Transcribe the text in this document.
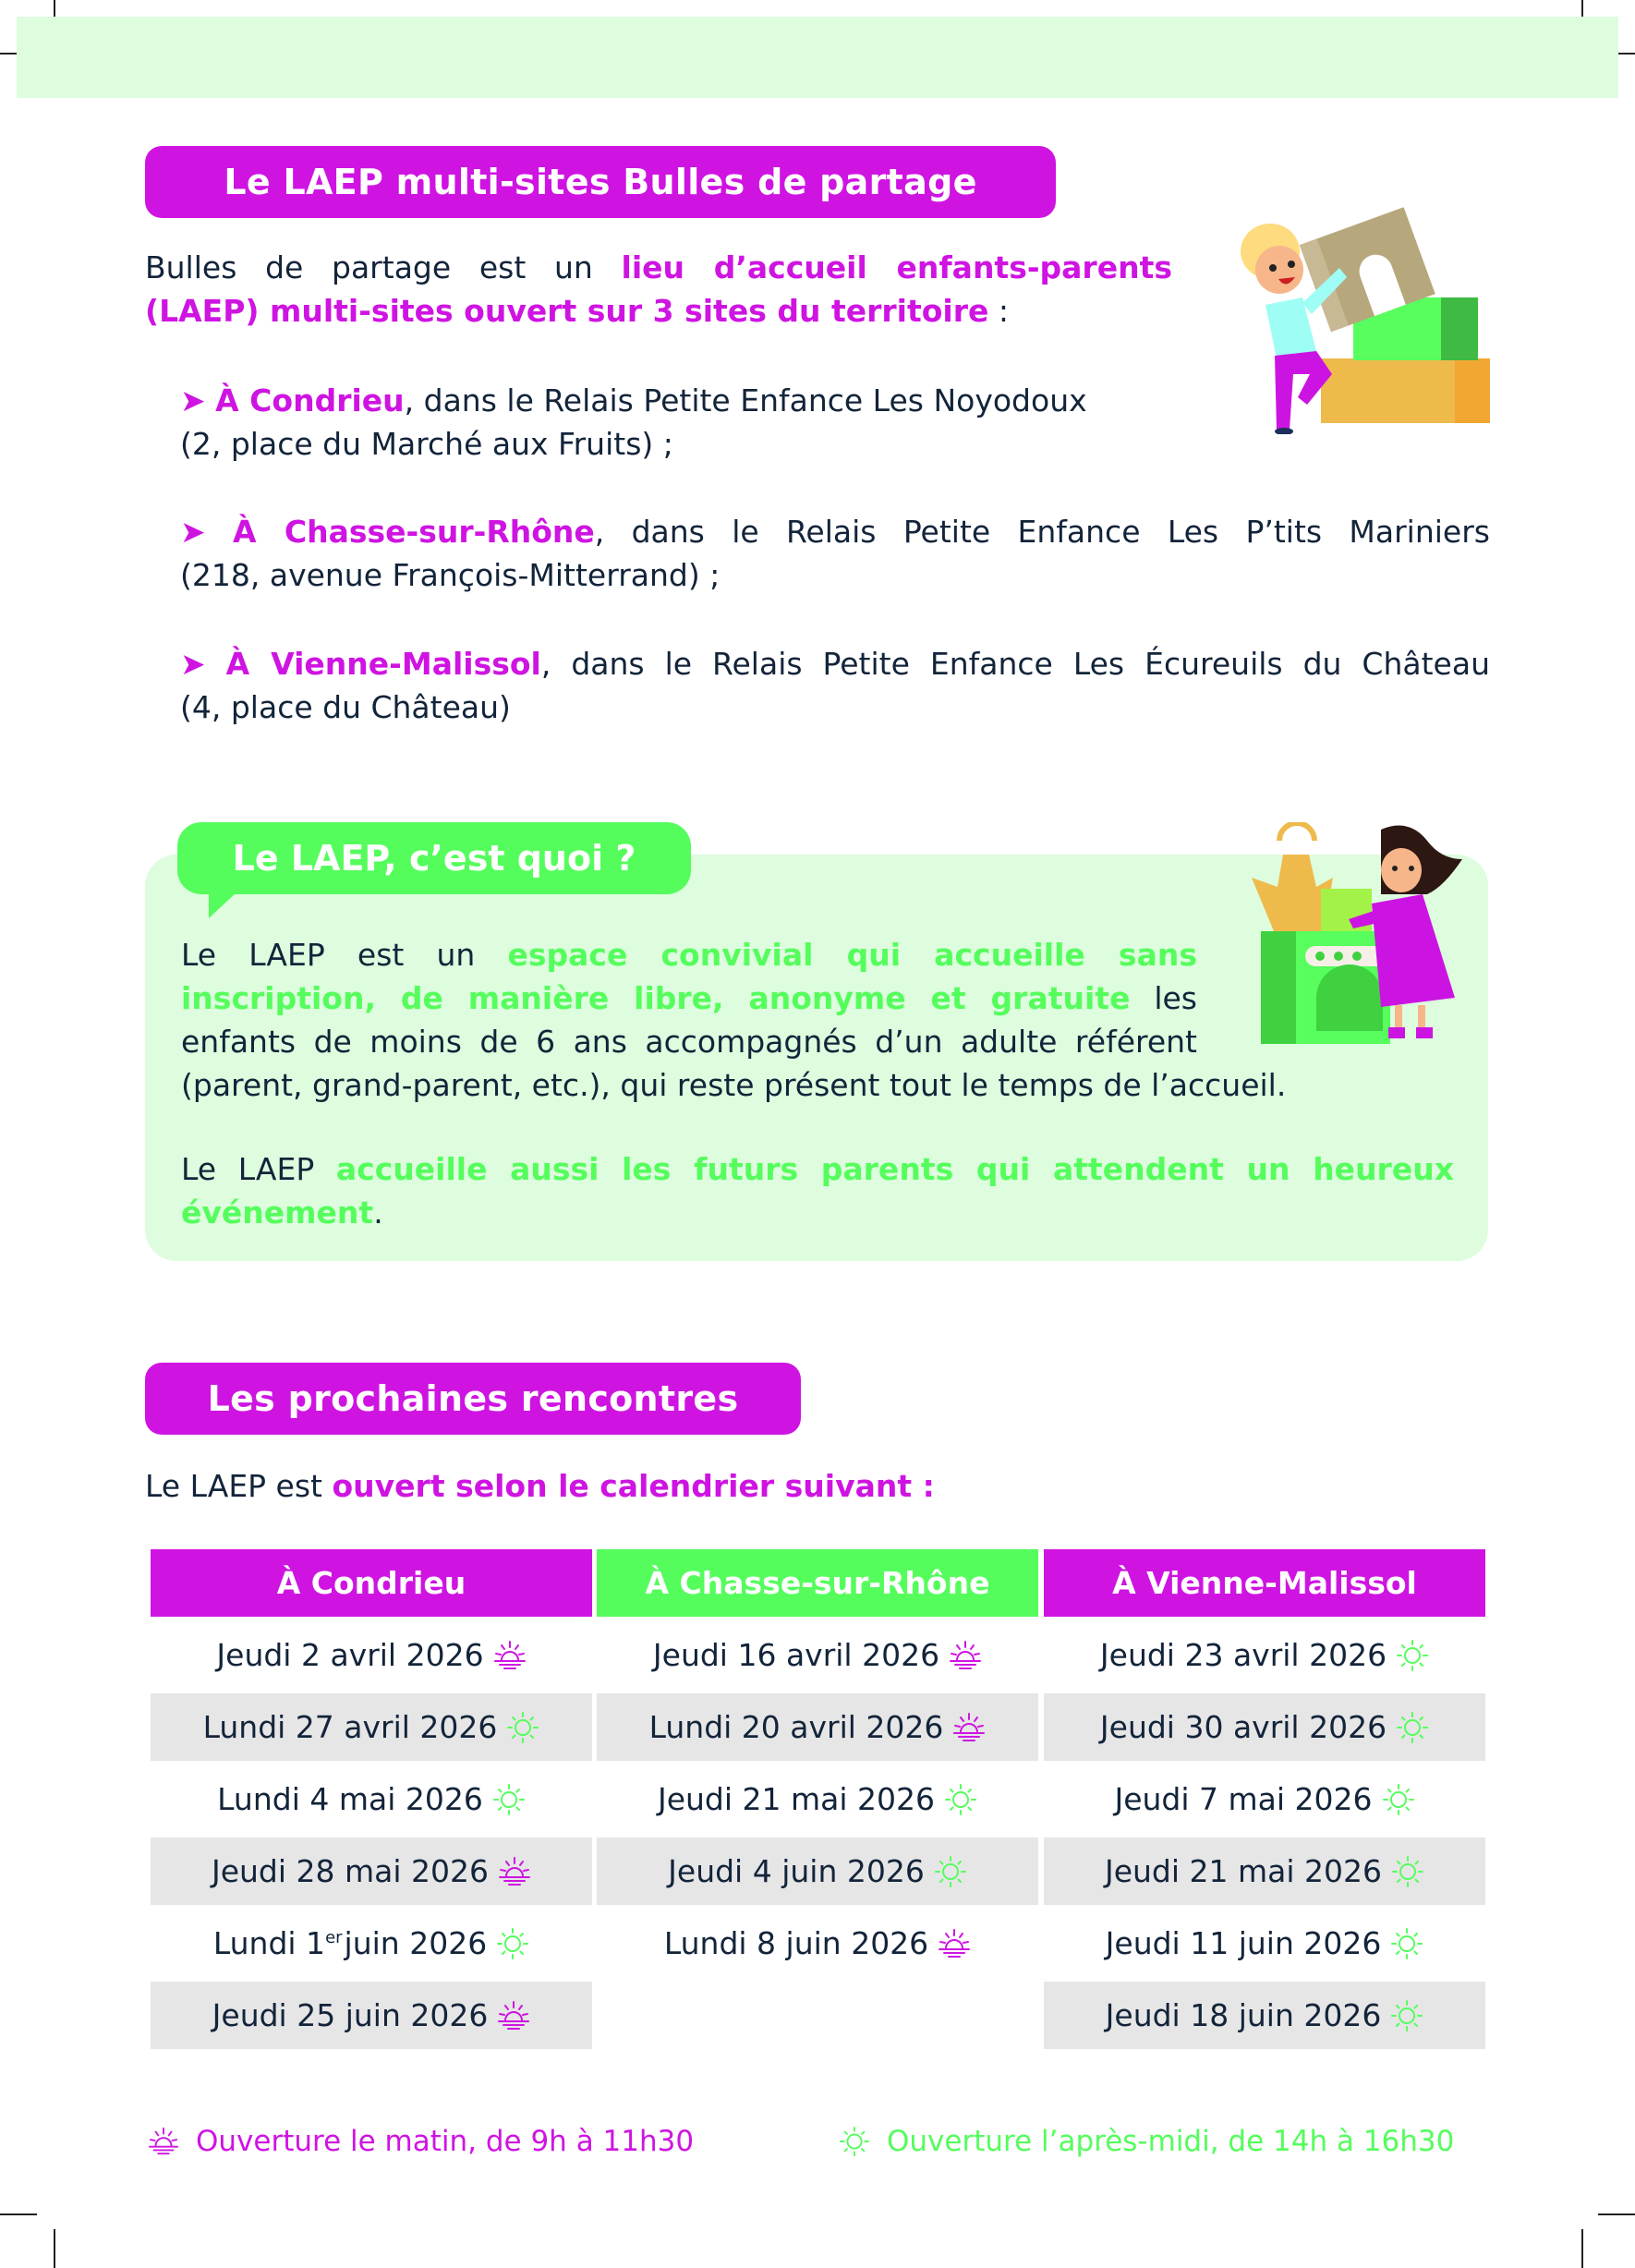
Le LAEP multi-sites Bulles de partage
Bulles de partage est un lieu d’accueil enfants-parents
(LAEP) multi-sites ouvert sur 3 sites du territoire :
➤ À Condrieu, dans le Relais Petite Enfance Les Noyodoux
(2, place du Marché aux Fruits) ;
➤ À Chasse-sur-Rhône, dans le Relais Petite Enfance Les P’tits Mariniers
(218, avenue François-Mitterrand) ;
➤ À Vienne-Malissol, dans le Relais Petite Enfance Les Écureuils du Château
(4, place du Château)
Le LAEP, c’est quoi ?
Le LAEP est un espace convivial qui accueille sans inscription, de manière libre, anonyme et gratuite les enfants de moins de 6 ans accompagnés d’un adulte référent
(parent, grand-parent, etc.), qui reste présent tout le temps de l’accueil.
Le LAEP accueille aussi les futurs parents qui attendent un heureux événement.
Les prochaines rencontres
Le LAEP est ouvert selon le calendrier suivant :
À Condrieu
Jeudi 2 avril 2026
Lundi 27 avril 2026
Lundi 4 mai 2026
Jeudi 28 mai 2026
Lundi 1er juin 2026
Jeudi 25 juin 2026
À Chasse-sur-Rhône
Jeudi 16 avril 2026
Lundi 20 avril 2026
Jeudi 21 mai 2026
Jeudi 4 juin 2026
Lundi 8 juin 2026
À Vienne-Malissol
Jeudi 23 avril 2026
Jeudi 30 avril 2026
Jeudi 7 mai 2026
Jeudi 21 mai 2026
Jeudi 11 juin 2026
Jeudi 18 juin 2026
Ouverture le matin, de 9h à 11h30	Ouverture l’après-midi, de 14h à 16h30
